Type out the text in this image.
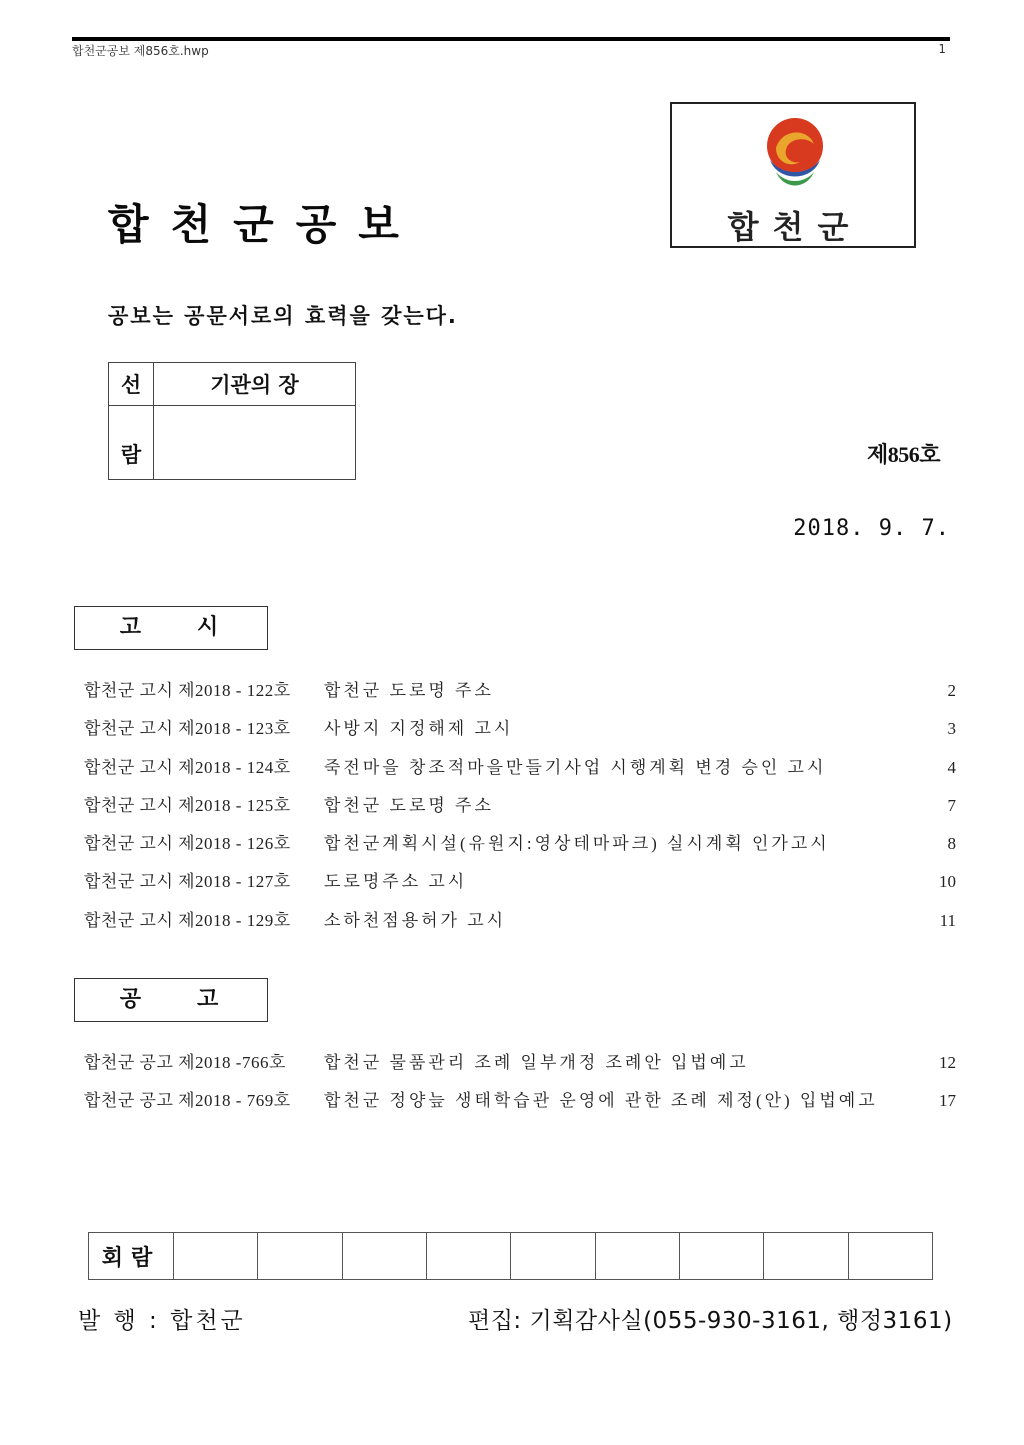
합천군공보 제856호.hwp	1
합천군공보	합천군
공보는 공문서로의 효력을 갖는다.
선	기관의 장
람		제856호
2018. 9. 7.
고 시
합천군 고시 제2018 - 122호 합천군 도로명 주소	2
합천군 고시 제2018 - 123호 사방지 지정해제 고시	3
합천군 고시 제2018 - 124호 죽전마을 창조적마을만들기사업 시행계획 변경 승인 고시	4
합천군 고시 제2018 - 125호 합천군 도로명 주소	7
합천군 고시 제2018 - 126호 합천군계획시설(유원지:영상테마파크) 실시계획 인가고시	8
합천군 고시 제2018 - 127호 도로명주소 고시	10
합천군 고시 제2018 - 129호 소하천점용허가 고시	11
공 고
합천군 공고 제2018 -766호 합천군 물품관리 조례 일부개정 조례안 입법예고	12
합천군 공고 제2018 - 769호 합천군 정양늪 생태학습관 운영에 관한 조례 제정(안) 입법예고	17
회람									
발 행 : 합천군	편집: 기획감사실(055-930-3161, 행정3161)
